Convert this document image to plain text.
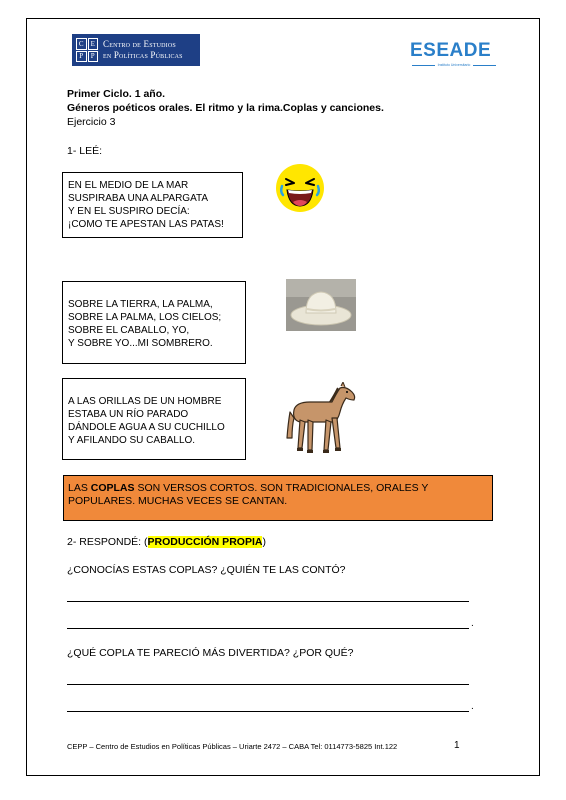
C	E
P	P
Centro de Estudios
en Políticas Públicas	ESEADE
Instituto Universitario
Primer Ciclo. 1 año.
Géneros poéticos orales. El ritmo y la rima.Coplas y canciones.
Ejercicio 3
1- LEÉ:
EN EL MEDIO DE LA MAR
SUSPIRABA UNA ALPARGATA
Y EN EL SUSPIRO DECÍA:
¡COMO TE APESTAN LAS PATAS!
SOBRE LA TIERRA, LA PALMA,
SOBRE LA PALMA, LOS CIELOS;
SOBRE EL CABALLO, YO,
Y SOBRE YO...MI SOMBRERO.
A LAS ORILLAS DE UN HOMBRE
ESTABA UN RÍO PARADO
DÁNDOLE AGUA A SU CUCHILLO
Y AFILANDO SU CABALLO.
LAS COPLAS SON VERSOS CORTOS. SON TRADICIONALES, ORALES Y
POPULARES. MUCHAS VECES SE CANTAN.
2- RESPONDÉ: (PRODUCCIÓN PROPIA)
¿CONOCÍAS ESTAS COPLAS? ¿QUIÉN TE LAS CONTÓ?
.
¿QUÉ COPLA TE PARECIÓ MÁS DIVERTIDA? ¿POR QUÉ?
.
CEPP – Centro de Estudios en Políticas Públicas – Uriarte 2472 – CABA Tel: 0114773-5825 Int.122	1
